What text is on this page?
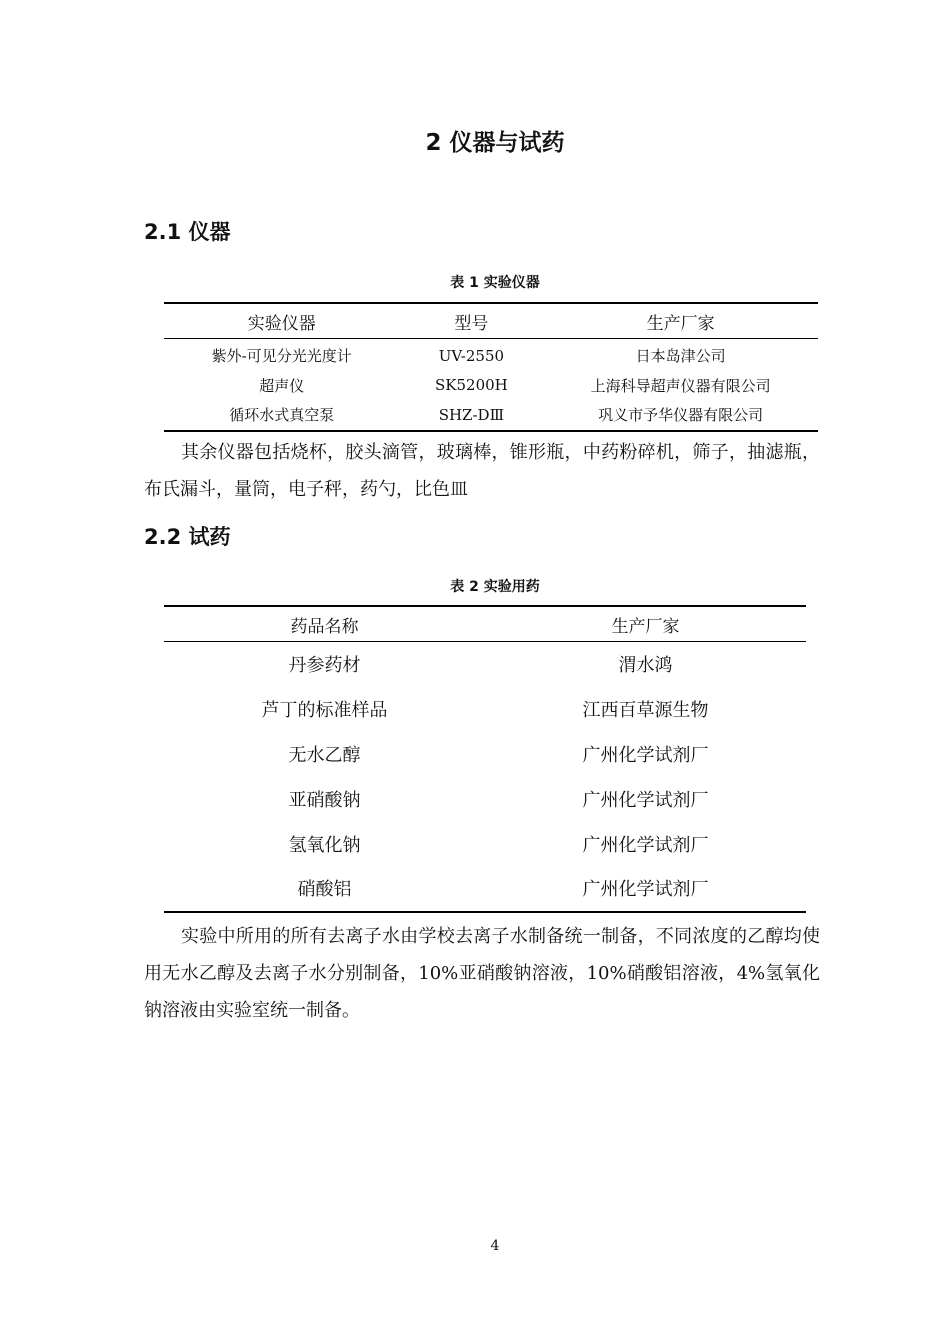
2 仪器与试药
2.1 仪器
表 1 实验仪器
实验仪器	型号	生产厂家
紫外-可见分光光度计	UV-2550	日本岛津公司
超声仪	SK5200H	上海科导超声仪器有限公司
循环水式真空泵	SHZ-DⅢ	巩义市予华仪器有限公司
其余仪器包括烧杯，胶头滴管，玻璃棒，锥形瓶，中药粉碎机，筛子，抽滤瓶，布氏漏斗，量筒，电子秤，药勺，比色皿
2.2 试药
表 2 实验用药
药品名称	生产厂家
丹参药材	渭水鸿
芦丁的标准样品	江西百草源生物
无水乙醇	广州化学试剂厂
亚硝酸钠	广州化学试剂厂
氢氧化钠	广州化学试剂厂
硝酸铝	广州化学试剂厂
实验中所用的所有去离子水由学校去离子水制备统一制备，不同浓度的乙醇均使用无水乙醇及去离子水分别制备，10%亚硝酸钠溶液，10%硝酸铝溶液，4%氢氧化钠溶液由实验室统一制备。
4
